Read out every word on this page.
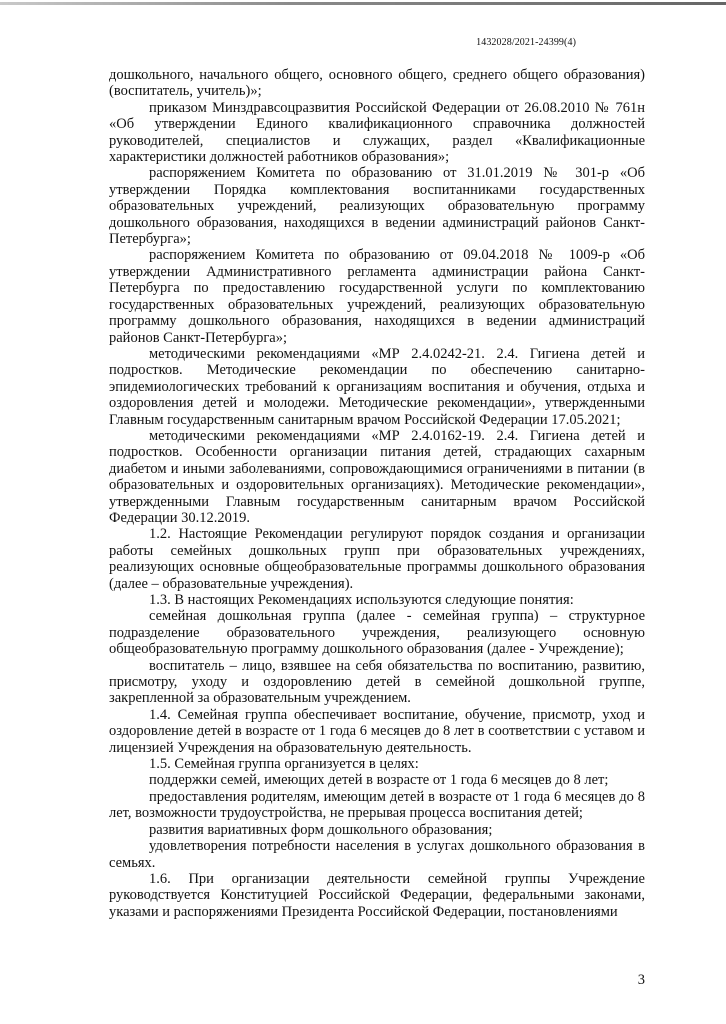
1432028/2021-24399(4)

дошкольного, начального общего, основного общего, среднего общего образования) (воспитатель, учитель)»;

приказом Минздравсоцразвития Российской Федерации от 26.08.2010 № 761н «Об утверждении Единого квалификационного справочника должностей руководителей, специалистов и служащих, раздел «Квалификационные характеристики должностей работников образования»;

распоряжением Комитета по образованию от 31.01.2019 № 301-р «Об утверждении Порядка комплектования воспитанниками государственных образовательных учреждений, реализующих образовательную программу дошкольного образования, находящихся в ведении администраций районов Санкт-Петербурга»;

распоряжением Комитета по образованию от 09.04.2018 № 1009-р «Об утверждении Административного регламента администрации района Санкт-Петербурга по предоставлению государственной услуги по комплектованию государственных образовательных учреждений, реализующих образовательную программу дошкольного образования, находящихся в ведении администраций районов Санкт-Петербурга»;

методическими рекомендациями «МР 2.4.0242-21. 2.4. Гигиена детей и подростков. Методические рекомендации по обеспечению санитарно-эпидемиологических требований к организациям воспитания и обучения, отдыха и оздоровления детей и молодежи. Методические рекомендации», утвержденными Главным государственным санитарным врачом Российской Федерации 17.05.2021;

методическими рекомендациями «МР 2.4.0162-19. 2.4. Гигиена детей и подростков. Особенности организации питания детей, страдающих сахарным диабетом и иными заболеваниями, сопровождающимися ограничениями в питании (в образовательных и оздоровительных организациях). Методические рекомендации», утвержденными Главным государственным санитарным врачом Российской Федерации 30.12.2019.

1.2. Настоящие Рекомендации регулируют порядок создания и организации работы семейных дошкольных групп при образовательных учреждениях, реализующих основные общеобразовательные программы дошкольного образования (далее – образовательные учреждения).

1.3. В настоящих Рекомендациях используются следующие понятия:

семейная дошкольная группа (далее - семейная группа) – структурное подразделение образовательного учреждения, реализующего основную общеобразовательную программу дошкольного образования (далее - Учреждение);

воспитатель – лицо, взявшее на себя обязательства по воспитанию, развитию, присмотру, уходу и оздоровлению детей в семейной дошкольной группе, закрепленной за образовательным учреждением.

1.4. Семейная группа обеспечивает воспитание, обучение, присмотр, уход и оздоровление детей в возрасте от 1 года 6 месяцев до 8 лет в соответствии с уставом и лицензией Учреждения на образовательную деятельность.

1.5. Семейная группа организуется в целях:

поддержки семей, имеющих детей в возрасте от 1 года 6 месяцев до 8 лет;

предоставления родителям, имеющим детей в возрасте от 1 года 6 месяцев до 8 лет, возможности трудоустройства, не прерывая процесса воспитания детей;

развития вариативных форм дошкольного образования;

удовлетворения потребности населения в услугах дошкольного образования в семьях.

1.6. При организации деятельности семейной группы Учреждение руководствуется Конституцией Российской Федерации, федеральными законами, указами и распоряжениями Президента Российской Федерации, постановлениями

3
